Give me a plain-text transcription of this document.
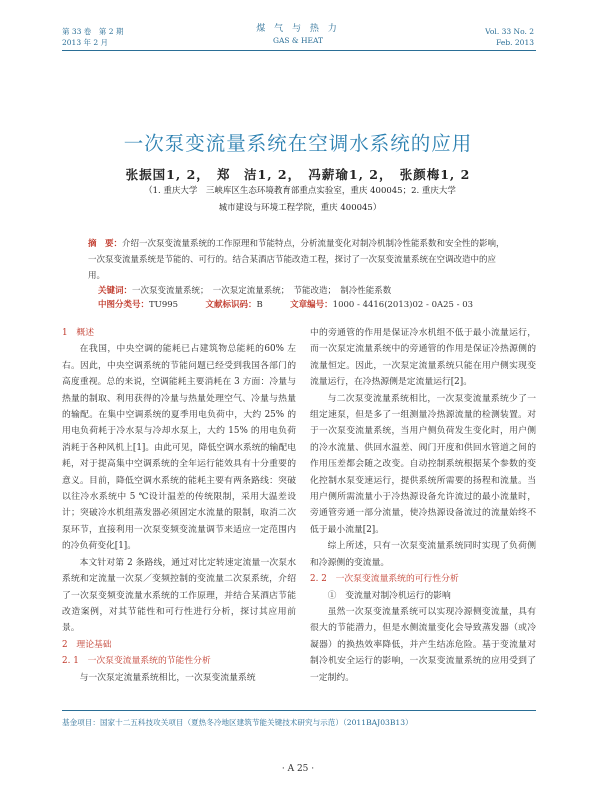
第 33 卷　第 2 期
2013 年 2 月
煤 气 与 热 力
GAS & HEAT
Vol. 33 No. 2
Feb. 2013
一次泵变流量系统在空调水系统的应用
张振国1, 2，　郑　洁1, 2，　冯薪瑜1, 2，　张颜梅1, 2
（1. 重庆大学　三峡库区生态环境教育部重点实验室，重庆 400045；2. 重庆大学
城市建设与环境工程学院，重庆 400045）
摘　要：介绍一次泵变流量系统的工作原理和节能特点，分析流量变化对制冷机制冷性能系数和安全性的影响，一次泵变流量系统是节能的、可行的。结合某酒店节能改造工程，探讨了一次泵变流量系统在空调改造中的应用。
关键词：一次泵变流量系统；　一次泵定流量系统；　节能改造；　制冷性能系数
中图分类号：TU995	文献标识码：B	文章编号：1000 - 4416(2013)02 - 0A25 - 03

1　概述

在我国，中央空调的能耗已占建筑物总能耗的60% 左右。因此，中央空调系统的节能问题已经受到我国各部门的高度重视。总的来说，空调能耗主要消耗在 3 方面：冷量与热量的制取、利用获得的冷量与热量处理空气、冷量与热量的输配。在集中空调系统的夏季用电负荷中，大约 25% 的用电负荷耗于冷水泵与冷却水泵上，大约 15% 的用电负荷消耗于各种风机上[1]。由此可见，降低空调水系统的输配电耗，对于提高集中空调系统的全年运行能效具有十分重要的意义。目前，降低空调水系统的能耗主要有两条路线：突破以往冷水系统中 5 ℃设计温差的传统限制，采用大温差设计；突破冷水机组蒸发器必须固定水流量的限制，取消二次泵环节，直接利用一次泵变频变流量调节来适应一定范围内的冷负荷变化[1]。

本文针对第 2 条路线，通过对比定转速定流量一次泵水系统和定流量一次泵／变频控制的变流量二次泵系统，介绍了一次泵变频变流量水系统的工作原理，并结合某酒店节能改造案例，对其节能性和可行性进行分析，探讨其应用前景。

2　理论基础

2. 1　一次泵变流量系统的节能性分析

与一次泵定流量系统相比，一次泵变流量系统

中的旁通管的作用是保证冷水机组不低于最小流量运行，而一次泵定流量系统中的旁通管的作用是保证冷热源侧的流量恒定。因此，一次泵定流量系统只能在用户侧实现变流量运行，在冷热源侧是定流量运行[2]。

与二次泵变流量系统相比，一次泵变流量系统少了一组定速泵，但是多了一组测量冷热源流量的检测装置。对于一次泵变流量系统，当用户侧负荷发生变化时，用户侧的冷水流量、供回水温差、阀门开度和供回水管道之间的作用压差都会随之改变。自动控制系统根据某个参数的变化控制水泵变速运行，提供系统所需要的扬程和流量。当用户侧所需流量小于冷热源设备允许流过的最小流量时，旁通管旁通一部分流量，使冷热源设备流过的流量始终不低于最小流量[2]。

综上所述，只有一次泵变流量系统同时实现了负荷侧和冷源侧的变流量。

2. 2　一次泵变流量系统的可行性分析

①　变流量对制冷机运行的影响

虽然一次泵变流量系统可以实现冷源侧变流量，具有很大的节能潜力，但是水侧流量变化会导致蒸发器（或冷凝器）的换热效率降低，并产生结冻危险。基于变流量对制冷机安全运行的影响，一次泵变流量系统的应用受到了一定制约。

基金项目：国家十二五科技攻关项目（夏热冬冷地区建筑节能关键技术研究与示范）（2011BAJ03B13）
· A 25 ·
